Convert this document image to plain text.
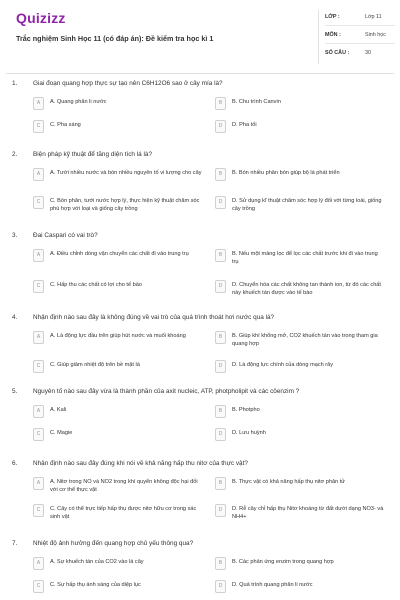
Quizizz
Trắc nghiệm Sinh Học 11 (có đáp án): Đề kiểm tra học kì 1
LỚP :	Lớp 11
MÔN :	Sinh học
SỐ CÂU :	30
1. Giai đoạn quang hợp thực sự tạo nên C6H12O6 sao ở cây mía là?
A	A. Quang phân li nước	B	B. Chu trình Canvin
C	C. Pha sáng	D	D. Pha tối
2. Biện pháp kỹ thuật để tăng diện tích lá là?
A	A. Tưới nhiều nước và bón nhiều nguyên tố vi lượng cho cây	B	B. Bón nhiều phân bón giúp bộ lá phát triển
C	C. Bón phân, tưới nước hợp lý, thực hiện kỹ thuật chăm sóc phù hợp với loại và giống cây trồng
D	D. Sử dụng kĩ thuật chăm sóc hợp lý đối với từng loài, giống cây trồng
3. Đai Caspari có vai trò?
A	A. Điều chỉnh dòng vận chuyển các chất đi vào trung trụ	B	B. Nếu một màng lọc để lọc các chất trước khi đi vào trung trụ
C	C. Hấp thu các chất có lợi cho tế bào	D	D. Chuyển hóa các chất không tan thành ion, từ đó các chất này khuếch tán được vào tế bào
4. Nhận định nào sau đây là không đúng về vai trò của quá trình thoát hơi nước qua lá?
A	A. Là động lực đầu trên giúp hút nước và muối khoáng	B	B. Giúp khí khổng mở, CO2 khuếch tán vào trong tham gia quang hợp
C	C. Giúp giảm nhiệt độ trên bề mặt lá	D	D. Là động lực chính của dòng mạch rây
5. Nguyên tố nào sau đây vừa là thành phần của axit nucleic, ATP, photpholipit và các côenzim ?
A	A. Kali	B	B. Photpho
C	C. Magie	D	D. Lưu huỳnh
6. Nhận định nào sau đây đúng khi nói về khả năng hấp thu nitơ của thực vật?
A	A. Nitơ trong NO và NO2 trong khí quyển không độc hại đối với cơ thể thực vật
B	B. Thực vật có khả năng hấp thụ nitơ phân tử
C	C. Cây có thể trực tiếp hấp thụ được nitơ hữu cơ trong xác sinh vật
D	D. Rễ cây chỉ hấp thụ Nitơ khoáng từ đất dưới dạng NO3- và NH4+
7. Nhiệt độ ảnh hưởng đến quang hợp chủ yếu thông qua?
A	A. Sự khuếch tán của CO2 vào lá cây	B	B. Các phản ứng enzim trong quang hợp
C	C. Sự hấp thụ ánh sáng của diệp lục	D	D. Quá trình quang phân li nước
